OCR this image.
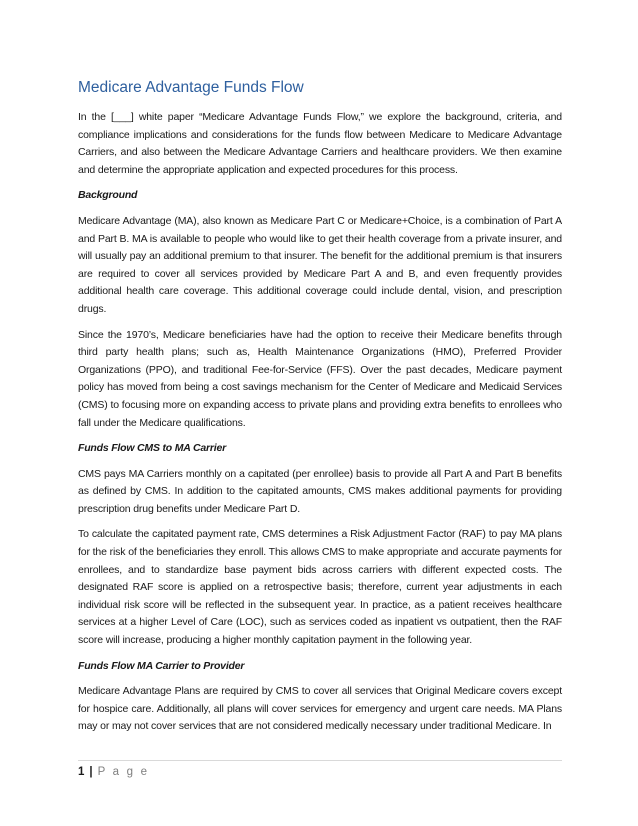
Medicare Advantage Funds Flow

In the [___] white paper “Medicare Advantage Funds Flow,” we explore the background, criteria, and compliance implications and considerations for the funds flow between Medicare to Medicare Advantage Carriers, and also between the Medicare Advantage Carriers and healthcare providers. We then examine and determine the appropriate application and expected procedures for this process.

Background

Medicare Advantage (MA), also known as Medicare Part C or Medicare+Choice, is a combination of Part A and Part B. MA is available to people who would like to get their health coverage from a private insurer, and will usually pay an additional premium to that insurer. The benefit for the additional premium is that insurers are required to cover all services provided by Medicare Part A and B, and even frequently provides additional health care coverage. This additional coverage could include dental, vision, and prescription drugs.

Since the 1970’s, Medicare beneficiaries have had the option to receive their Medicare benefits through third party health plans; such as, Health Maintenance Organizations (HMO), Preferred Provider Organizations (PPO), and traditional Fee-for-Service (FFS). Over the past decades, Medicare payment policy has moved from being a cost savings mechanism for the Center of Medicare and Medicaid Services (CMS) to focusing more on expanding access to private plans and providing extra benefits to enrollees who fall under the Medicare qualifications.

Funds Flow CMS to MA Carrier

CMS pays MA Carriers monthly on a capitated (per enrollee) basis to provide all Part A and Part B benefits as defined by CMS. In addition to the capitated amounts, CMS makes additional payments for providing prescription drug benefits under Medicare Part D.

To calculate the capitated payment rate, CMS determines a Risk Adjustment Factor (RAF) to pay MA plans for the risk of the beneficiaries they enroll. This allows CMS to make appropriate and accurate payments for enrollees, and to standardize base payment bids across carriers with different expected costs. The designated RAF score is applied on a retrospective basis; therefore, current year adjustments in each individual risk score will be reflected in the subsequent year. In practice, as a patient receives healthcare services at a higher Level of Care (LOC), such as services coded as inpatient vs outpatient, then the RAF score will increase, producing a higher monthly capitation payment in the following year.

Funds Flow MA Carrier to Provider

Medicare Advantage Plans are required by CMS to cover all services that Original Medicare covers except for hospice care. Additionally, all plans will cover services for emergency and urgent care needs. MA Plans may or may not cover services that are not considered medically necessary under traditional Medicare. In

1 | P a g e
